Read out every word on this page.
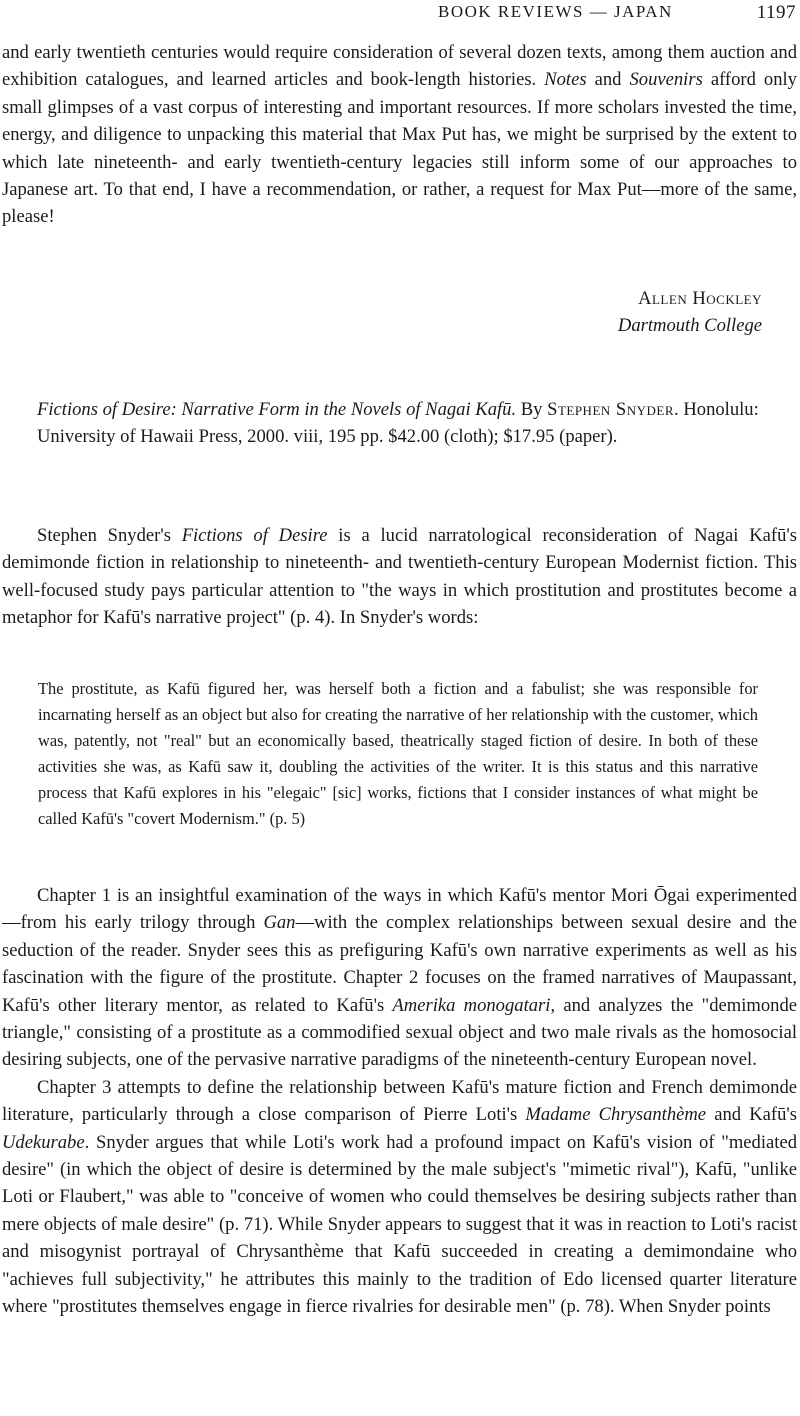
BOOK REVIEWS — JAPAN	1197

and early twentieth centuries would require consideration of several dozen texts, among them auction and exhibition catalogues, and learned articles and book-length histories. Notes and Souvenirs afford only small glimpses of a vast corpus of interesting and important resources. If more scholars invested the time, energy, and diligence to unpacking this material that Max Put has, we might be surprised by the extent to which late nineteenth- and early twentieth-century legacies still inform some of our approaches to Japanese art. To that end, I have a recommendation, or rather, a request for Max Put—more of the same, please!

Allen Hockley
Dartmouth College
Fictions of Desire: Narrative Form in the Novels of Nagai Kafū. By Stephen Snyder. Honolulu: University of Hawaii Press, 2000. viii, 195 pp. $42.00 (cloth); $17.95 (paper).

Stephen Snyder's Fictions of Desire is a lucid narratological reconsideration of Nagai Kafū's demimonde fiction in relationship to nineteenth- and twentieth-century European Modernist fiction. This well-focused study pays particular attention to "the ways in which prostitution and prostitutes become a metaphor for Kafū's narrative project" (p. 4). In Snyder's words:

The prostitute, as Kafū figured her, was herself both a fiction and a fabulist; she was responsible for incarnating herself as an object but also for creating the narrative of her relationship with the customer, which was, patently, not "real" but an economically based, theatrically staged fiction of desire. In both of these activities she was, as Kafū saw it, doubling the activities of the writer. It is this status and this narrative process that Kafū explores in his "elegaic" [sic] works, fictions that I consider instances of what might be called Kafū's "covert Modernism." (p. 5)

Chapter 1 is an insightful examination of the ways in which Kafū's mentor Mori Ōgai experimented—from his early trilogy through Gan—with the complex relationships between sexual desire and the seduction of the reader. Snyder sees this as prefiguring Kafū's own narrative experiments as well as his fascination with the figure of the prostitute. Chapter 2 focuses on the framed narratives of Maupassant, Kafū's other literary mentor, as related to Kafū's Amerika monogatari, and analyzes the "demimonde triangle," consisting of a prostitute as a commodified sexual object and two male rivals as the homosocial desiring subjects, one of the pervasive narrative paradigms of the nineteenth-century European novel.

Chapter 3 attempts to define the relationship between Kafū's mature fiction and French demimonde literature, particularly through a close comparison of Pierre Loti's Madame Chrysanthème and Kafū's Udekurabe. Snyder argues that while Loti's work had a profound impact on Kafū's vision of "mediated desire" (in which the object of desire is determined by the male subject's "mimetic rival"), Kafū, "unlike Loti or Flaubert," was able to "conceive of women who could themselves be desiring subjects rather than mere objects of male desire" (p. 71). While Snyder appears to suggest that it was in reaction to Loti's racist and misogynist portrayal of Chrysanthème that Kafū succeeded in creating a demimondaine who "achieves full subjectivity," he attributes this mainly to the tradition of Edo licensed quarter literature where "prostitutes themselves engage in fierce rivalries for desirable men" (p. 78). When Snyder points
